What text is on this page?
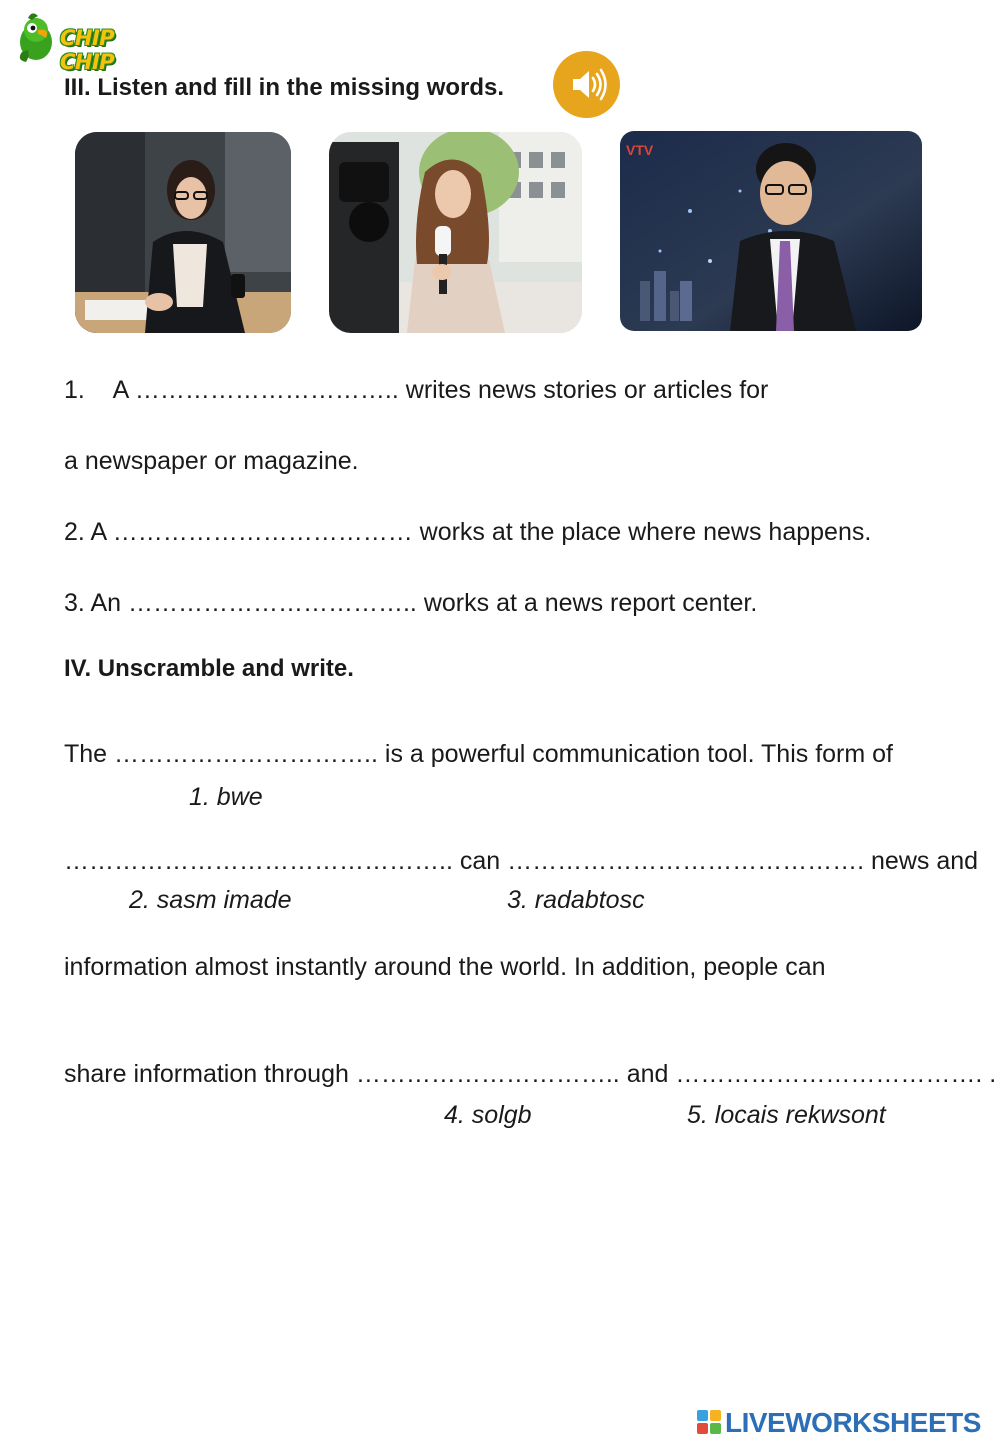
CHIP CHIP
III. Listen and fill in the missing words.
VTV
1. A ………………………….. writes news stories or articles for
a newspaper or magazine.
2. A ……………………………… works at the place where news happens.
3. An …………………………….. works at a news report center.
IV. Unscramble and write.
The ………………………….. is a powerful communication tool. This form of
1. bwe
……………………………………….. can ……………………………………. news and
2. sasm imade	3. radabtosc
information almost instantly around the world. In addition, people can
share information through ………………………….. and ………………………………. .
4. solgb	5. locais rekwsont
LIVEWORKSHEETS
